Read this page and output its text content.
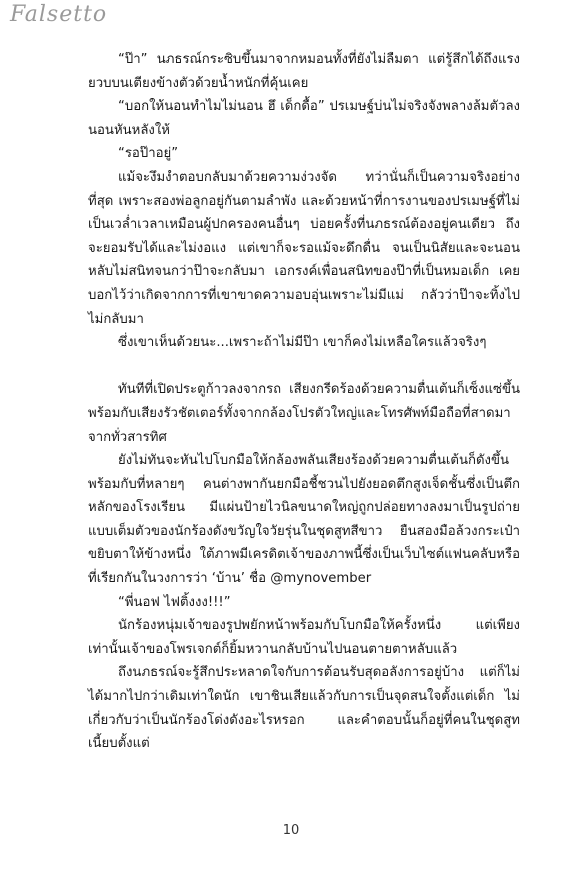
Falsetto

“ป๊า” นภธรณ์กระซิบขึ้นมาจากหมอนทั้งที่ยังไม่ลืมตา แต่รู้สึกได้ถึงแรงยวบบนเตียงข้างตัวด้วยน้ำหนักที่คุ้นเคย

“บอกให้นอนทำไมไม่นอน ฮึ เด็กดื้อ” ปรเมษฐ์บ่นไม่จริงจังพลางล้มตัวลงนอนหันหลังให้

“รอป๊าอยู่”

แม้จะงึมงำตอบกลับมาด้วยความง่วงจัด ทว่านั่นก็เป็นความจริงอย่างที่สุด เพราะสองพ่อลูกอยู่กันตามลำพัง และด้วยหน้าที่การงานของปรเมษฐ์ที่ไม่เป็นเวล่ำเวลาเหมือนผู้ปกครองคนอื่นๆ บ่อยครั้งที่นภธรณ์ต้องอยู่คนเดียว ถึงจะยอมรับได้และไม่งอแง แต่เขาก็จะรอแม้จะดึกดื่น จนเป็นนิสัยและจะนอนหลับไม่สนิทจนกว่าป๊าจะกลับมา เอกรงค์เพื่อนสนิทของป๊าที่เป็นหมอเด็ก เคยบอกไว้ว่าเกิดจากการที่เขาขาดความอบอุ่นเพราะไม่มีแม่ กลัวว่าป๊าจะทิ้งไปไม่กลับมา

ซึ่งเขาเห็นด้วยนะ...เพราะถ้าไม่มีป๊า เขาก็คงไม่เหลือใครแล้วจริงๆ

ทันทีที่เปิดประตูก้าวลงจากรถ เสียงกรีดร้องด้วยความตื่นเต้นก็เซ็งแซ่ขึ้นพร้อมกับเสียงรัวชัตเตอร์ทั้งจากกล้องโปรตัวใหญ่และโทรศัพท์มือถือที่สาดมาจากทั่วสารทิศ

ยังไม่ทันจะหันไปโบกมือให้กล้องพลันเสียงร้องด้วยความตื่นเต้นก็ดังขึ้นพร้อมกับที่หลายๆ คนต่างพากันยกมือชี้ชวนไปยังยอดตึกสูงเจ็ดชั้นซึ่งเป็นตึกหลักของโรงเรียน มีแผ่นป้ายไวนิลขนาดใหญ่ถูกปล่อยทางลงมาเป็นรูปถ่ายแบบเต็มตัวของนักร้องดังขวัญใจวัยรุ่นในชุดสูทสีขาว ยืนสองมือล้วงกระเป๋าขยิบตาให้ข้างหนึ่ง ใต้ภาพมีเครดิตเจ้าของภาพนี้ซึ่งเป็นเว็บไซต์แฟนคลับหรือที่เรียกกันในวงการว่า ‘บ้าน’ ชื่อ @mynovember

“พี่นอฟ ไฟติ้งงง!!!”

นักร้องหนุ่มเจ้าของรูปพยักหน้าพร้อมกับโบกมือให้ครั้งหนึ่ง แต่เพียงเท่านั้นเจ้าของโพรเจกต์ก็ยิ้มหวานกลับบ้านไปนอนตายตาหลับแล้ว

ถึงนภธรณ์จะรู้สึกประหลาดใจกับการต้อนรับสุดอลังการอยู่บ้าง แต่ก็ไม่ได้มากไปกว่าเดิมเท่าใดนัก เขาชินเสียแล้วกับการเป็นจุดสนใจตั้งแต่เด็ก ไม่เกี่ยวกับว่าเป็นนักร้องโด่งดังอะไรหรอก และคำตอบนั้นก็อยู่ที่คนในชุดสูทเนี้ยบตั้งแต่

10
